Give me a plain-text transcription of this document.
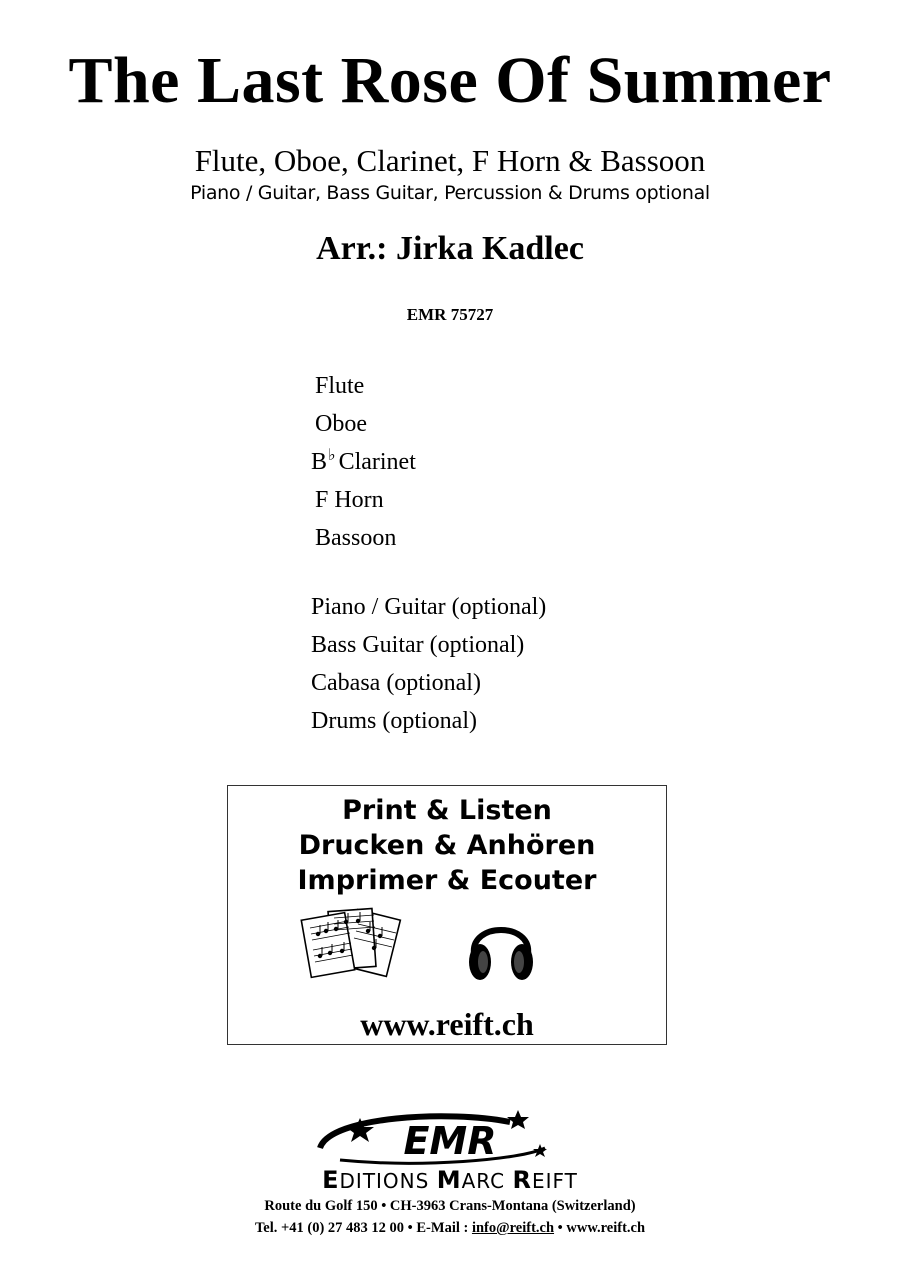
The Last Rose Of Summer
Flute, Oboe, Clarinet, F Horn & Bassoon
Piano / Guitar, Bass Guitar, Percussion & Drums optional
Arr.: Jirka Kadlec
EMR 75727
Flute
Oboe
B♭ Clarinet
F Horn
Bassoon
Piano / Guitar (optional)
Bass Guitar (optional)
Cabasa (optional)
Drums (optional)
Print & Listen
Drucken & Anhören
Imprimer & Ecouter
www.reift.ch
EMR
EDITIONS MARC REIFT
Route du Golf 150 • CH-3963 Crans-Montana (Switzerland)
Tel. +41 (0) 27 483 12 00 • E-Mail : info@reift.ch • www.reift.ch
